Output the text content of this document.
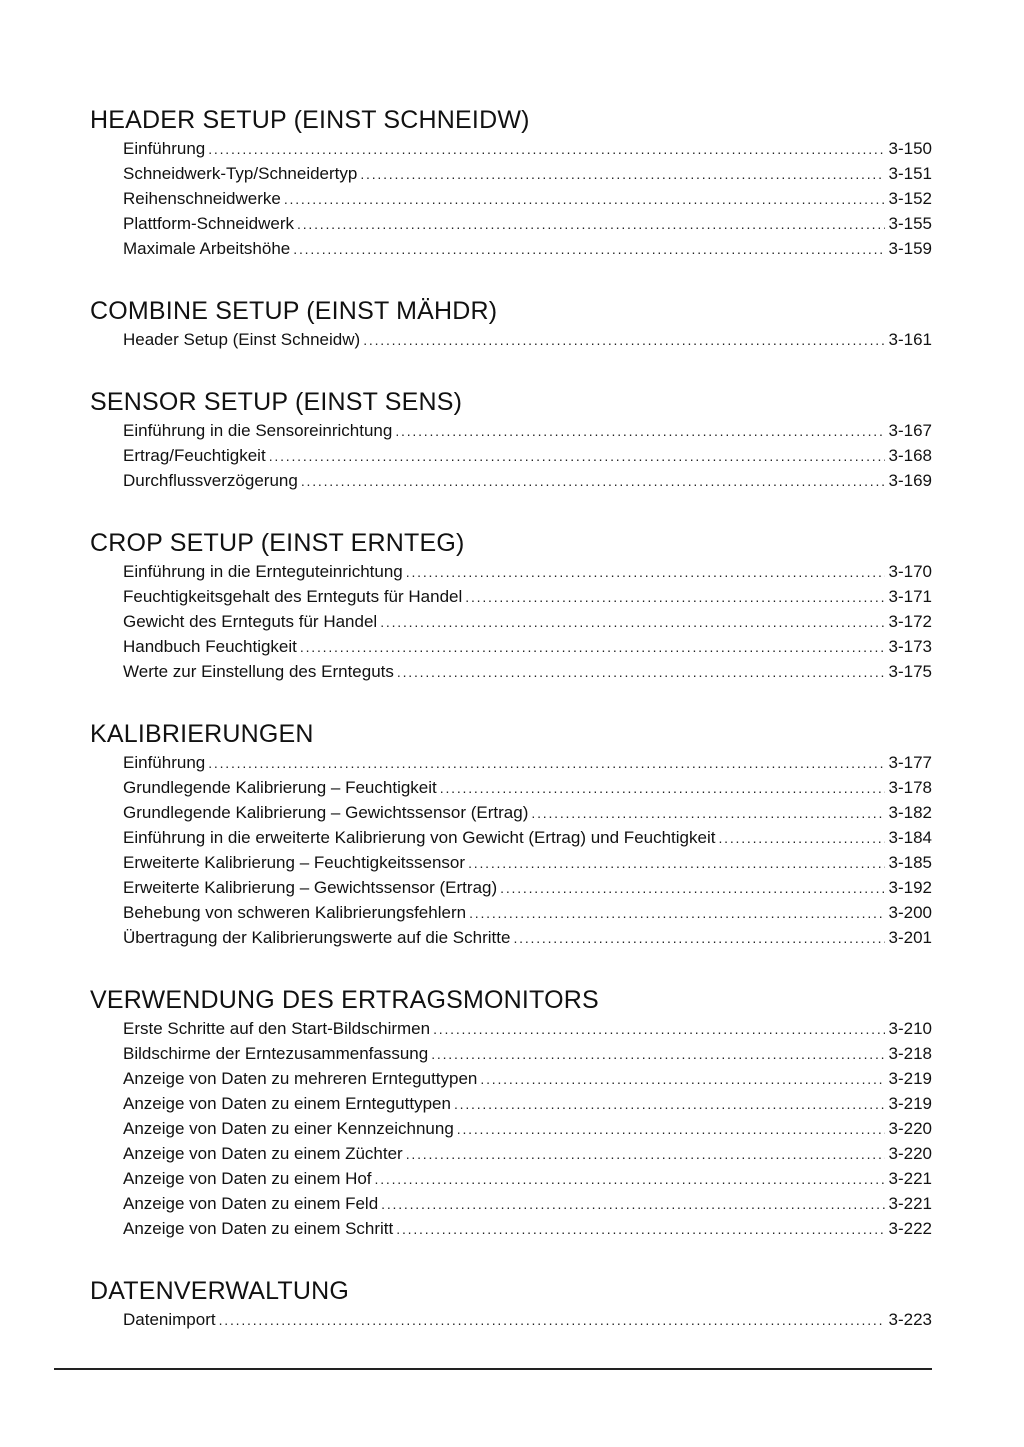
HEADER SETUP (EINST SCHNEIDW)
Einführung .....	3-150
Schneidwerk-Typ/Schneidertyp .....	3-151
Reihenschneidwerke .....	3-152
Plattform-Schneidwerk .....	3-155
Maximale Arbeitshöhe .....	3-159
COMBINE SETUP (EINST MÄHDR)
Header Setup (Einst Schneidw) .....	3-161
SENSOR SETUP (EINST SENS)
Einführung in die Sensoreinrichtung .....	3-167
Ertrag/Feuchtigkeit .....	3-168
Durchflussverzögerung .....	3-169
CROP SETUP (EINST ERNTEG)
Einführung in die Ernteguteinrichtung .....	3-170
Feuchtigkeitsgehalt des Ernteguts für Handel .....	3-171
Gewicht des Ernteguts für Handel .....	3-172
Handbuch Feuchtigkeit .....	3-173
Werte zur Einstellung des Ernteguts .....	3-175
KALIBRIERUNGEN
Einführung .....	3-177
Grundlegende Kalibrierung – Feuchtigkeit .....	3-178
Grundlegende Kalibrierung – Gewichtssensor (Ertrag) .....	3-182
Einführung in die erweiterte Kalibrierung von Gewicht (Ertrag) und Feuchtigkeit .....	3-184
Erweiterte Kalibrierung – Feuchtigkeitssensor .....	3-185
Erweiterte Kalibrierung – Gewichtssensor (Ertrag) .....	3-192
Behebung von schweren Kalibrierungsfehlern .....	3-200
Übertragung der Kalibrierungswerte auf die Schritte .....	3-201
VERWENDUNG DES ERTRAGSMONITORS
Erste Schritte auf den Start-Bildschirmen .....	3-210
Bildschirme der Erntezusammenfassung .....	3-218
Anzeige von Daten zu mehreren Ernteguttypen .....	3-219
Anzeige von Daten zu einem Ernteguttypen .....	3-219
Anzeige von Daten zu einer Kennzeichnung .....	3-220
Anzeige von Daten zu einem Züchter .....	3-220
Anzeige von Daten zu einem Hof .....	3-221
Anzeige von Daten zu einem Feld .....	3-221
Anzeige von Daten zu einem Schritt .....	3-222
DATENVERWALTUNG
Datenimport .....	3-223
